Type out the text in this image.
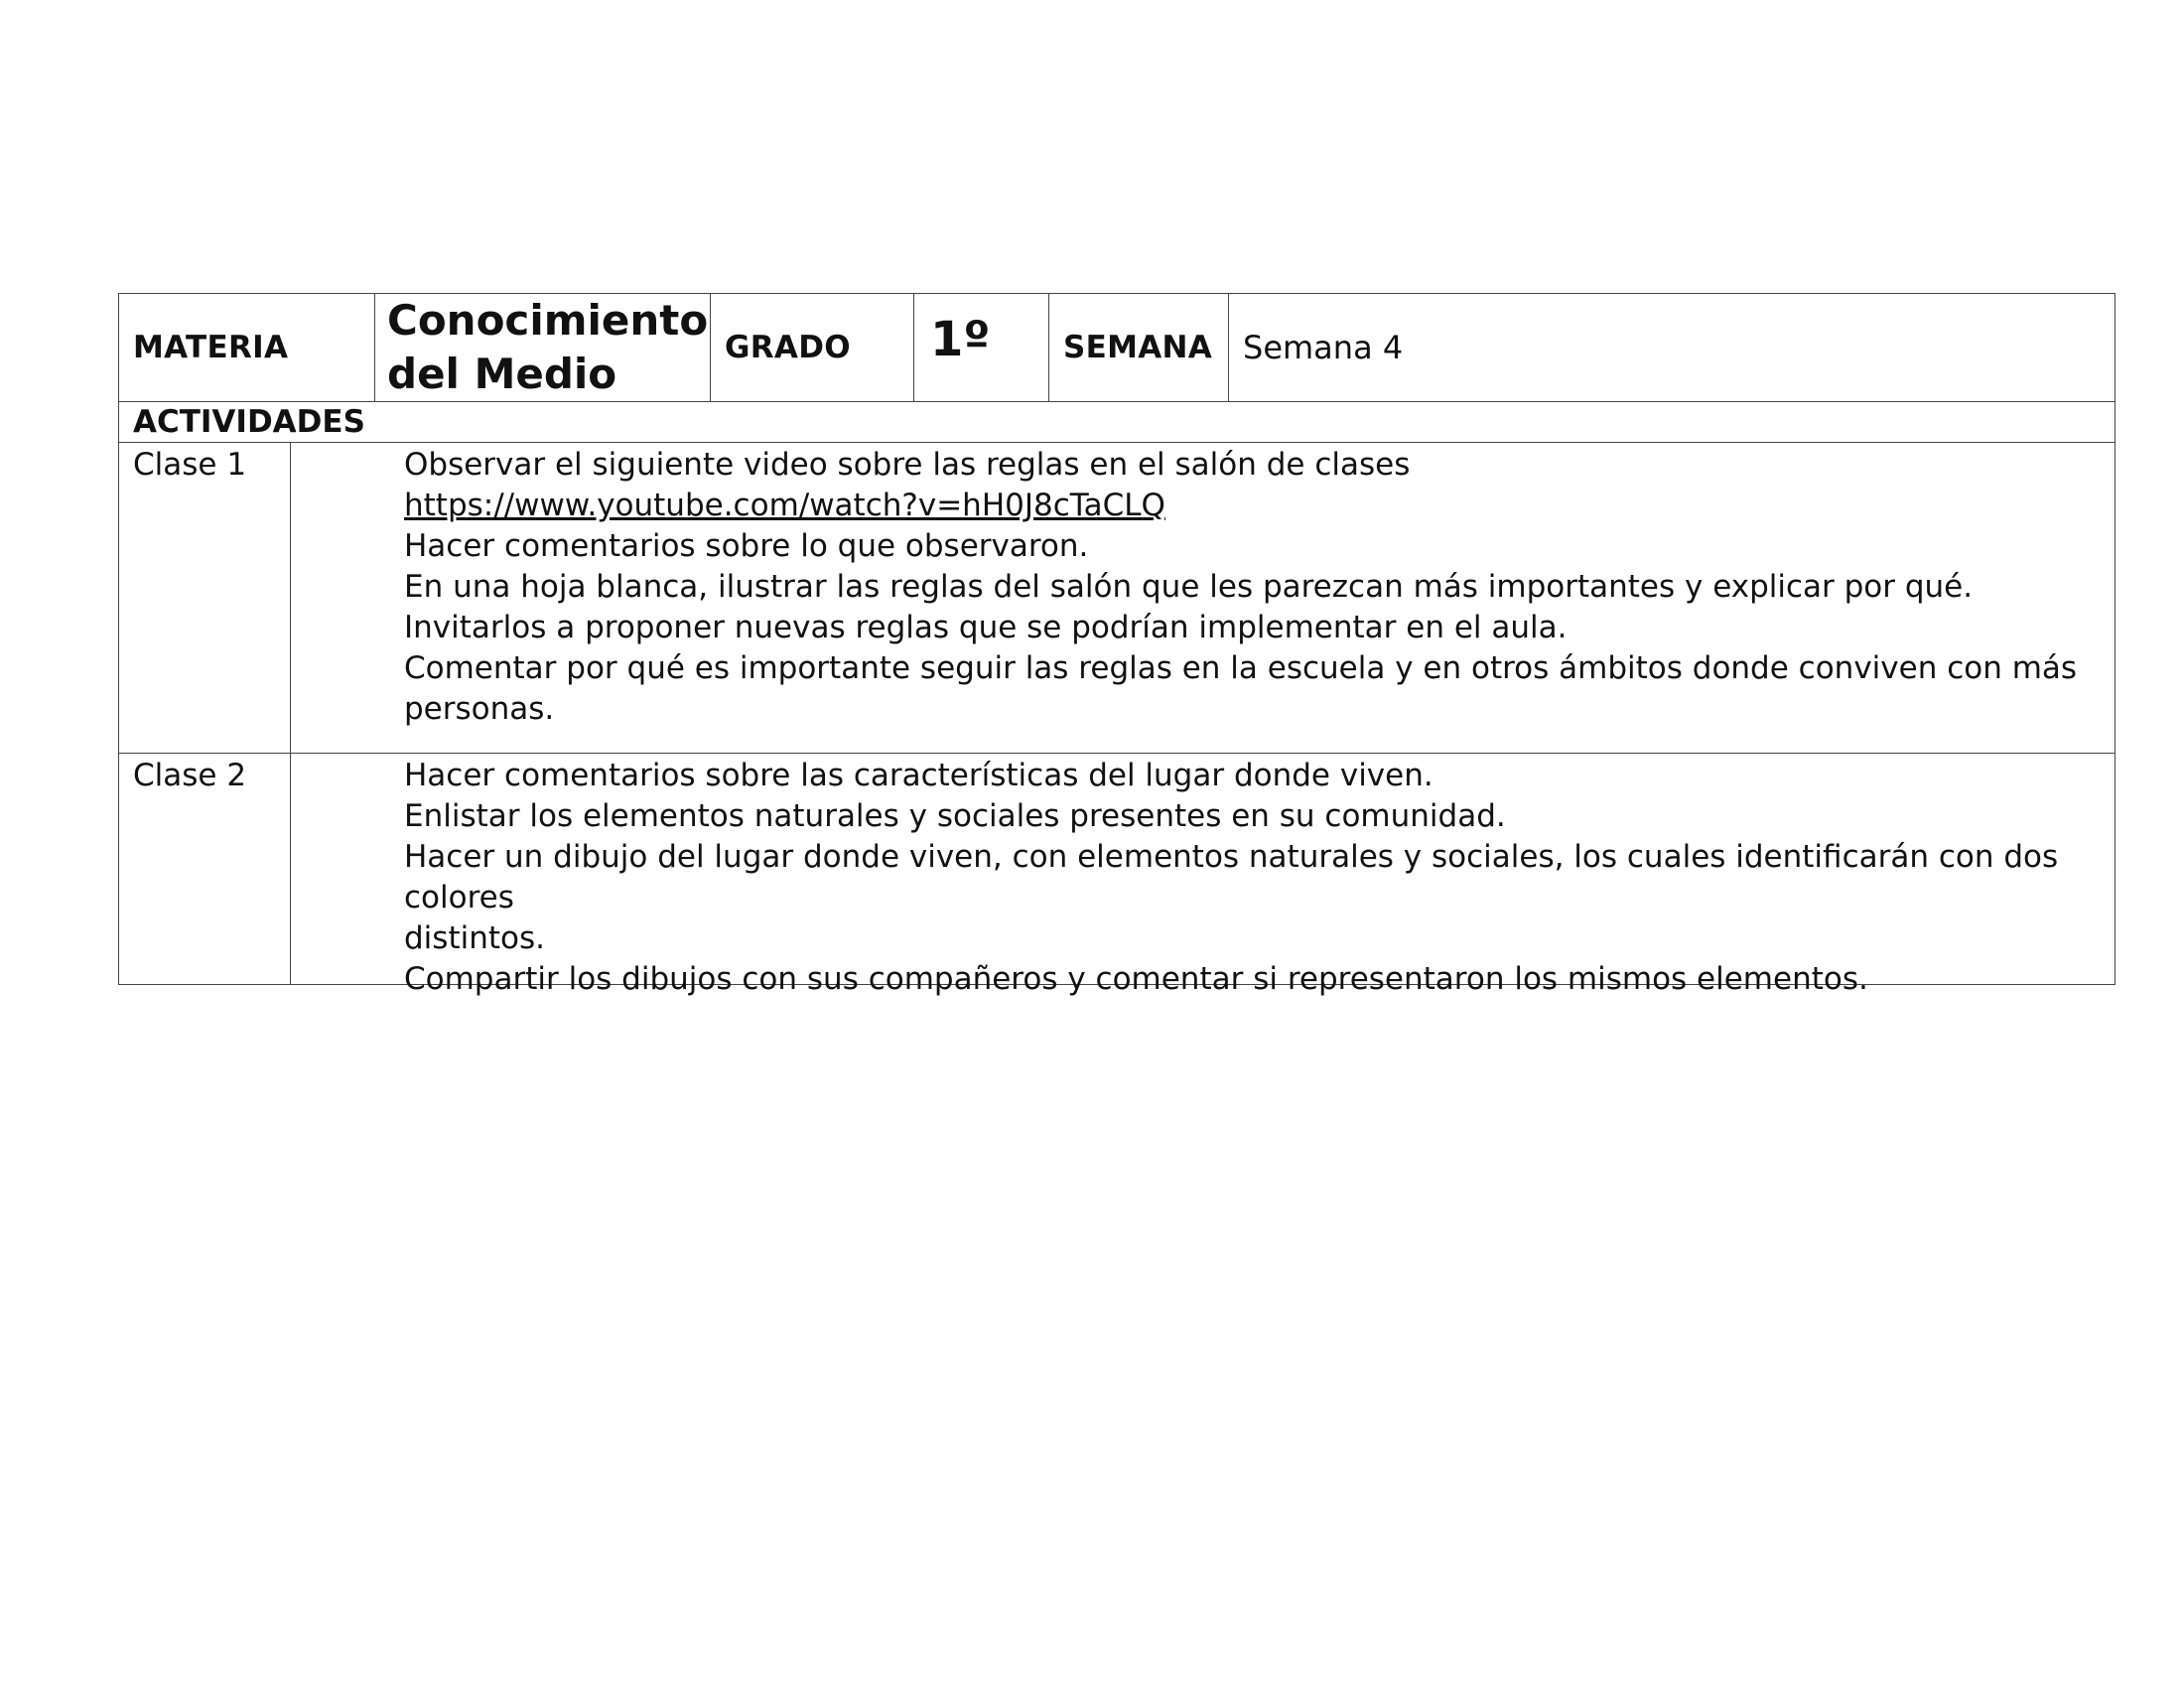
MATERIA
Conocimiento
del Medio
GRADO 1º SEMANA Semana 4
ACTIVIDADES
Clase 1	Observar el siguiente video sobre las reglas en el salón de clases
https://www.youtube.com/watch?v=hH0J8cTaCLQ
Hacer comentarios sobre lo que observaron.
En una hoja blanca, ilustrar las reglas del salón que les parezcan más importantes y explicar por qué.
Invitarlos a proponer nuevas reglas que se podrían implementar en el aula.
Comentar por qué es importante seguir las reglas en la escuela y en otros ámbitos donde conviven con más
personas.
Clase 2	Hacer comentarios sobre las características del lugar donde viven.
Enlistar los elementos naturales y sociales presentes en su comunidad.
Hacer un dibujo del lugar donde viven, con elementos naturales y sociales, los cuales identificarán con dos colores
distintos.
Compartir los dibujos con sus compañeros y comentar si representaron los mismos elementos.
